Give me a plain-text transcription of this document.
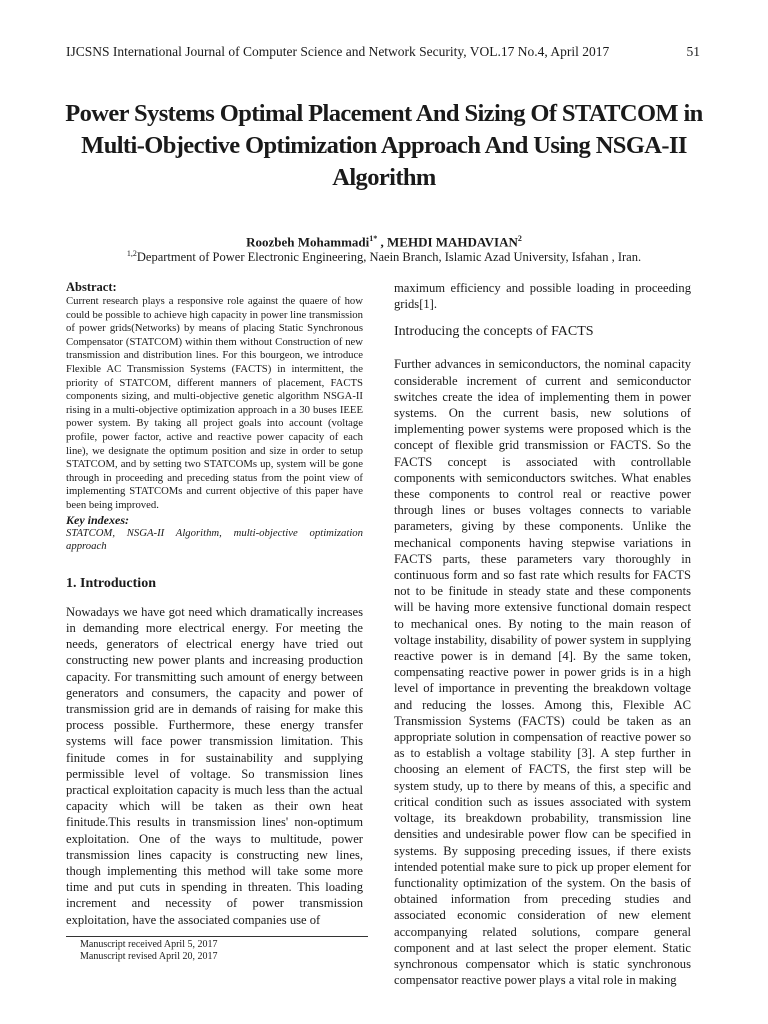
IJCSNS International Journal of Computer Science and Network Security, VOL.17 No.4, April 2017	51
Power Systems Optimal Placement And Sizing Of STATCOM in Multi-Objective Optimization Approach And Using NSGA-II Algorithm
Roozbeh Mohammadi$^{1*}$ , MEHDI MAHDAVIAN$^2$
$^{1,2}$Department of Power Electronic Engineering, Naein Branch, Islamic Azad University, Isfahan , Iran.

Abstract:

Current research plays a responsive role against the quaere of how could be possible to achieve high capacity in power line transmission of power grids(Networks) by means of placing Static Synchronous Compensator (STATCOM) within them without Construction of new transmission and distribution lines. For this bourgeon, we introduce Flexible AC Transmission Systems (FACTS) in intermittent, the priority of STATCOM, different manners of placement, FACTS components sizing, and multi-objective genetic algorithm NSGA-II rising in a multi-objective optimization approach in a 30 buses IEEE power system. By taking all project goals into account (voltage profile, power factor, active and reactive power capacity of each line), we designate the optimum position and size in order to setup STATCOM, and by setting two STATCOMs up, system will be gone through in proceeding and preceding status from the point view of implementing STATCOMs and current objective of this paper have been being improved.

Key indexes:

STATCOM, NSGA-II Algorithm, multi-objective optimization approach

1. Introduction

Nowadays we have got need which dramatically increases in demanding more electrical energy. For meeting the needs, generators of electrical energy have tried out constructing new power plants and increasing production capacity. For transmitting such amount of energy between generators and consumers, the capacity and power of transmission grid are in demands of raising for make this process possible. Furthermore, these energy transfer systems will face power transmission limitation. This finitude comes in for sustainability and supplying permissible level of voltage. So transmission lines practical exploitation capacity is much less than the actual capacity which will be taken as their own heat finitude.This results in transmission lines' non-optimum exploitation. One of the ways to multitude, power transmission lines capacity is constructing new lines, though implementing this method will take some more time and put cuts in spending in threaten. This loading increment and necessity of power transmission exploitation, have the associated companies use of

maximum efficiency and possible loading in proceeding grids[1].

Introducing the concepts of FACTS

Further advances in semiconductors, the nominal capacity considerable increment of current and semiconductor switches create the idea of implementing them in power systems. On the current basis, new solutions of implementing power systems were proposed which is the concept of flexible grid transmission or FACTS. So the FACTS concept is associated with controllable components with semiconductors switches. What enables these components to control real or reactive power through lines or buses voltages connects to variable parameters, giving by these components. Unlike the mechanical components having stepwise variations in FACTS parts, these parameters vary thoroughly in continuous form and so fast rate which results for FACTS not to be finitude in steady state and these components will be having more extensive functional domain respect to mechanical ones. By noting to the main reason of voltage instability, disability of power system in supplying reactive power is in demand [4]. By the same token, compensating reactive power in power grids is in a high level of importance in preventing the breakdown voltage and reducing the losses. Among this, Flexible AC Transmission Systems (FACTS) could be taken as an appropriate solution in compensation of reactive power so as to establish a voltage stability [3]. A step further in choosing an element of FACTS, the first step will be system study, up to there by means of this, a specific and critical condition such as issues associated with system voltage, its breakdown probability, transmission line densities and undesirable power flow can be specified in systems. By supposing preceding issues, if there exists intended potential make sure to pick up proper element for functionality optimization of the system. On the basis of obtained information from preceding studies and associated economic consideration of new element accompanying related solutions, compare general component and at last select the proper element. Static synchronous compensator which is static synchronous compensator reactive power plays a vital role in making

Manuscript received April 5, 2017
Manuscript revised April 20, 2017
